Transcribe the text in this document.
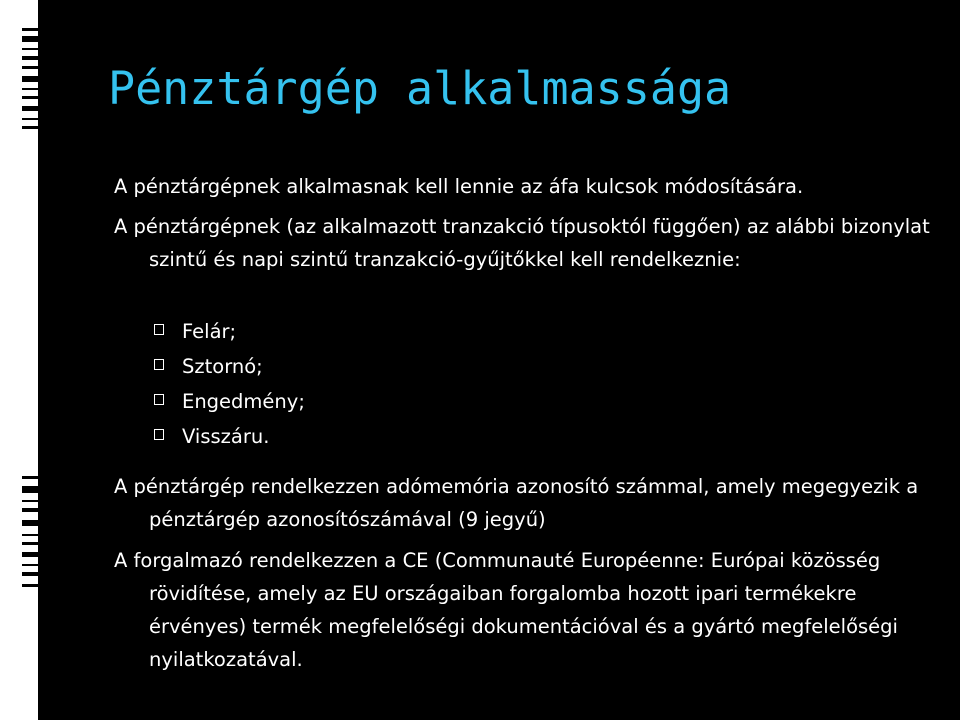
Pénztárgép alkalmassága
A pénztárgépnek alkalmasnak kell lennie az áfa kulcsok módosítására.
A pénztárgépnek (az alkalmazott tranzakció típusoktól függően) az alábbi bizonylat szintű és napi szintű tranzakció-gyűjtőkkel kell rendelkeznie:
Felár;
Sztornó;
Engedmény;
Visszáru.
A pénztárgép rendelkezzen adómemória azonosító számmal, amely megegyezik a pénztárgép azonosítószámával (9 jegyű)
A forgalmazó rendelkezzen a CE (Communauté Européenne: Európai közösség rövidítése, amely az EU országaiban forgalomba hozott ipari termékekre érvényes) termék megfelelőségi dokumentációval és a gyártó megfelelőségi nyilatkozatával.
